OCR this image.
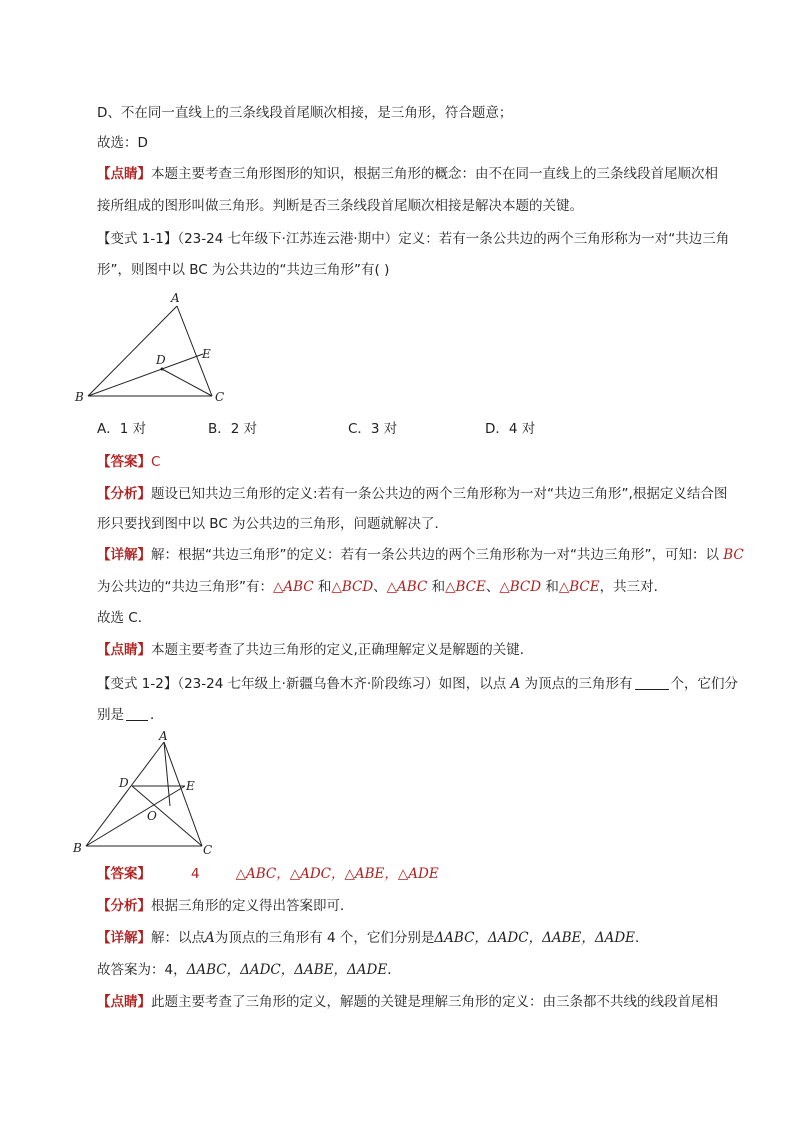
D、不在同一直线上的三条线段首尾顺次相接，是三角形，符合题意；
故选：D
【点睛】本题主要考查三角形图形的知识，根据三角形的概念：由不在同一直线上的三条线段首尾顺次相
接所组成的图形叫做三角形。判断是否三条线段首尾顺次相接是解决本题的关键。
【变式 1-1】（23-24 七年级下·江苏连云港·期中）定义：若有一条公共边的两个三角形称为一对“共边三角
形”，则图中以 BC 为公共边的“共边三角形”有( )
A
B	C
D	E
A．1 对	B．2 对	C．3 对	D．4 对
【答案】C
【分析】题设已知共边三角形的定义:若有一条公共边的两个三角形称为一对“共边三角形”,根据定义结合图
形只要找到图中以 BC 为公共边的三角形，问题就解决了．
【详解】解：根据“共边三角形”的定义：若有一条公共边的两个三角形称为一对“共边三角形”，可知：以 BC
为公共边的“共边三角形”有：△ABC 和△BCD、△ABC 和△BCE、△BCD 和△BCE，共三对．
故选 C．
【点睛】本题主要考查了共边三角形的定义,正确理解定义是解题的关键．
【变式 1-2】（23-24 七年级上·新疆乌鲁木齐·阶段练习）如图，以点 A 为顶点的三角形有	个，它们分
别是 ．
A
B	C
D	E
O
【答案】	4	△ABC，△ADC，△ABE，△ADE
【分析】根据三角形的定义得出答案即可．
【详解】解：以点A为顶点的三角形有 4 个，它们分别是ΔABC，ΔADC，ΔABE，ΔADE．
故答案为：4，ΔABC，ΔADC，ΔABE，ΔADE．
【点睛】此题主要考查了三角形的定义，解题的关键是理解三角形的定义：由三条都不共线的线段首尾相
